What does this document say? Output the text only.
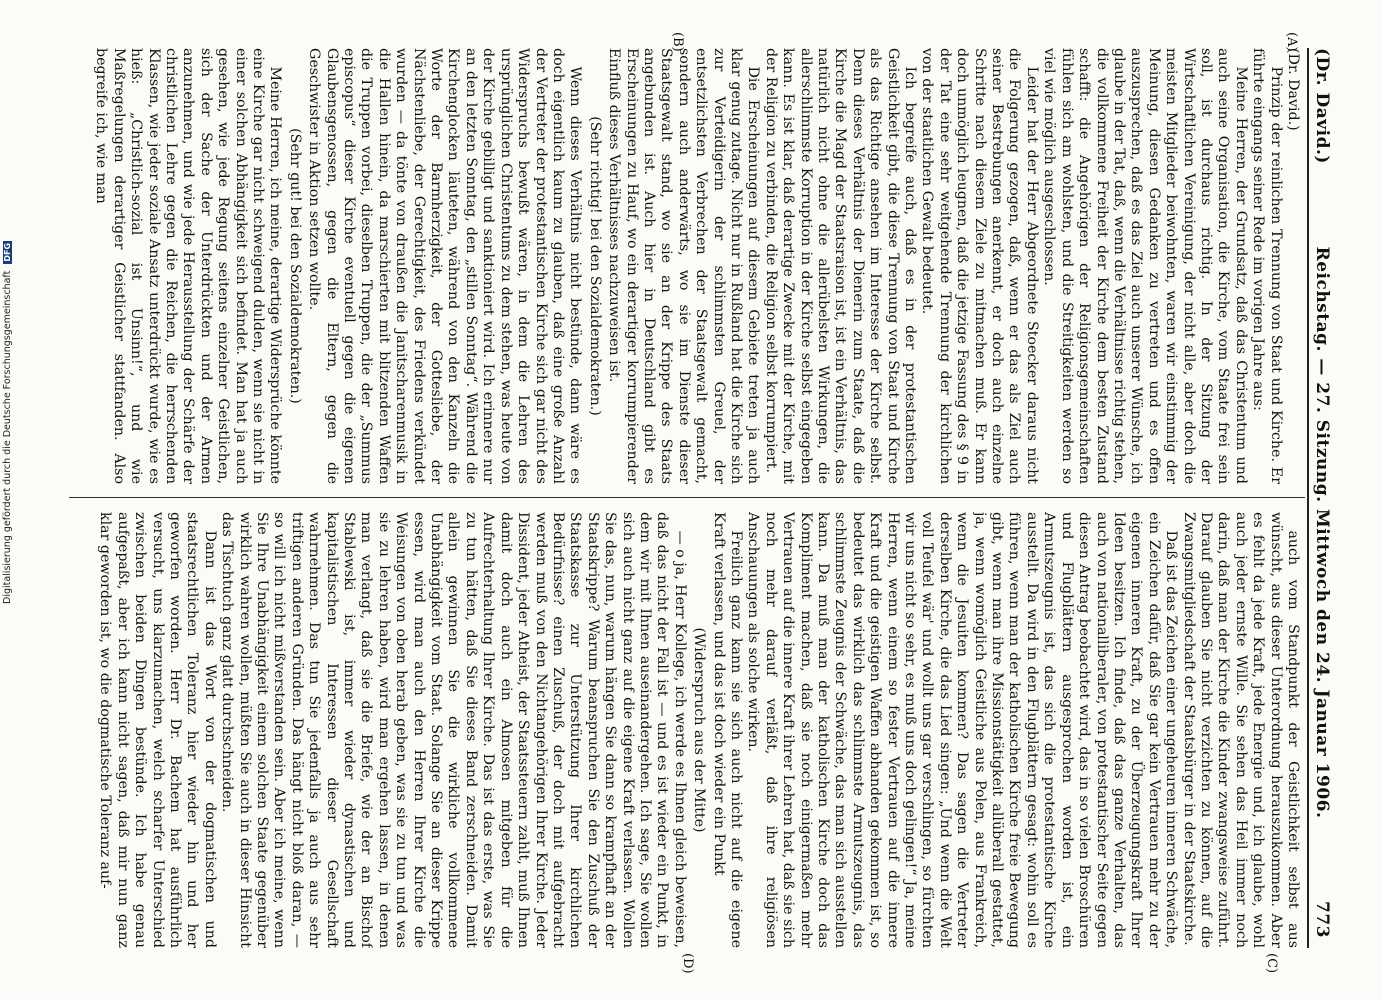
(Dr. David.)
Reichstag. — 27. Sitzung. Mittwoch den 24. Januar 1906.
773
(A)
(B)
(C)
(D)

(Dr. David.)

Prinzip der reinlichen Trennung von Staat und Kirche. Er führte eingangs seiner Rede im vorigen Jahre aus:

Meine Herren, der Grundsatz, daß das Christentum und auch seine Organisation, die Kirche, vom Staate frei sein soll, ist durchaus richtig. In der Sitzung der Wirtschaftlichen Vereinigung, der nicht alle, aber doch die meisten Mitglieder beiwohnten, waren wir einstimmig der Meinung, diesen Gedanken zu vertreten und es offen auszusprechen, daß es das Ziel auch unserer Wünsche, ich glaube in der Tat, daß, wenn die Verhältnisse richtig stehen, die vollkommene Freiheit der Kirche dem besten Zustand schafft: die Angehörigen der Religionsgemeinschaften fühlen sich am wohlsten, und die Streitigkeiten werden so viel wie möglich ausgeschlossen.

Leider hat der Herr Abgeordnete Stoecker daraus nicht die Folgerung gezogen, daß, wenn er das als Ziel auch seiner Bestrebungen anerkennt, er doch auch einzelne Schritte nach diesem Ziele zu mitmachen muß. Er kann doch unmöglich leugnen, daß die jetzige Fassung des § 9 in der Tat eine sehr weitgehende Trennung der kirchlichen von der staatlichen Gewalt bedeutet.

Ich begreife auch, daß es in der protestantischen Geistlichkeit gibt, die diese Trennung von Staat und Kirche als das Richtige ansehen im Interesse der Kirche selbst. Denn dieses Verhältnis der Dienerin zum Staate, daß die Kirche die Magd der Staatsraison ist, ist ein Verhältnis, das natürlich nicht ohne die allerübelsten Wirkungen, die allerschlimmste Korruption in der Kirche selbst eingegeben kann. Es ist klar, daß derartige Zwecke mit der Kirche, mit der Religion zu verbinden, die Religion selbst korrumpiert.

Die Erscheinungen auf diesem Gebiete treten ja auch klar genug zutage. Nicht nur in Rußland hat die Kirche sich zur Verteidigerin der schlimmsten Greuel, der entsetzlichsten Verbrechen der Staatsgewalt gemacht, sondern auch anderwärts, wo sie im Dienste dieser Staatsgewalt stand, wo sie an der Krippe des Staats angebunden ist. Auch hier in Deutschland gibt es Erscheinungen zu Hauf, wo ein derartiger korrumpierender Einfluß dieses Verhältnisses nachzuweisen ist.

(Sehr richtig! bei den Sozialdemokraten.)

Wenn dieses Verhältnis nicht bestünde, dann wäre es doch eigentlich kaum zu glauben, daß eine große Anzahl der Vertreter der protestantischen Kirche sich gar nicht des Widerspruchs bewußt wären, in dem die Lehren des ursprünglichen Christentums zu dem stehen, was heute von der Kirche gebilligt und sanktioniert wird. Ich erinnere nur an den letzten Sonntag, den „stillen Sonntag“. Während die Kirchenglocken läuteten, während von den Kanzeln die Worte der Barmherzigkeit, der Gottesliebe, der Nächstenliebe, der Gerechtigkeit, des Friedens verkündet wurden — da tönte von draußen die Janitscharenmusik in die Hallen hinein, da marschierten mit blitzenden Waffen die Truppen vorbei, dieselben Truppen, die der „Summus episcopus“ dieser Kirche eventuell gegen die eigenen Glaubensgenossen, gegen die Eltern, gegen die Geschwister in Aktion setzen wollte.

(Sehr gut! bei den Sozialdemokraten.)

Meine Herren, ich meine, derartige Widersprüche könnte eine Kirche gar nicht schweigend dulden, wenn sie nicht in einer solchen Abhängigkeit sich befindet. Man hat ja auch gesehen, wie jede Regung seitens einzelner Geistlichen, sich der Sache der Unterdrückten und der Armen anzunehmen, und wie jede Herausstellung der Schärfe der christlichen Lehre gegen die Reichen, die herrschenden Klassen, wie jeder soziale Ansatz unterdrückt wurde, wie es hieß: „Christlich-sozial ist Unsinn!“, und wie Maßregelungen derartiger Geistlicher stattfanden. Also begreife ich, wie man

auch vom Standpunkt der Geistlichkeit selbst aus wünscht, aus dieser Unterordnung herauszukommen. Aber es fehlt da jede Kraft, jede Energie und, ich glaube, wohl auch jeder ernste Wille. Sie sehen das Heil immer noch darin, daß man der Kirche die Kinder zwangsweise zuführt. Darauf glauben Sie nicht verzichten zu können, auf die Zwangsmitgliedschaft der Staatsbürger in der Staatskirche.

Daß ist das Zeichen einer ungeheuren inneren Schwäche, ein Zeichen dafür, daß Sie gar kein Vertrauen mehr zu der eigenen inneren Kraft, zu der Überzeugungskraft Ihrer Ideen besitzen. Ich finde, daß das ganze Verhalten, das auch von nationalliberaler, von protestantischer Seite gegen diesen Antrag beobachtet wird, das in so vielen Broschüren und Flugblättern ausgesprochen worden ist, ein Armutszeugnis ist, das sich die protestantische Kirche ausstellt. Da wird in den Flugblättern gesagt: wohin soll es führen, wenn man der katholischen Kirche freie Bewegung gibt, wenn man ihre Missionstätigkeit allüberall gestattet, ja, wenn womöglich Geistliche aus Polen, aus Frankreich, wenn die Jesuiten kommen? Das sagen die Vertreter derselben Kirche, die das Lied singen: „Und wenn die Welt voll Teufel wär' und wollt uns gar verschlingen, so fürchten wir uns nicht so sehr, es muß uns doch gelingen!“ Ja, meine Herren, wenn einem so fester Vertrauen auf die innere Kraft und die geistigen Waffen abhanden gekommen ist, so bedeutet das wirklich das schlimmste Armutszeugnis, das schlimmste Zeugnis der Schwäche, das man sich ausstellen kann. Da muß man der katholischen Kirche doch das Kompliment machen, daß sie noch einigermaßen mehr Vertrauen auf die innere Kraft ihrer Lehren hat, daß sie sich noch mehr darauf verläßt, daß ihre religiösen Anschauungen als solche wirken.

Freilich ganz kann sie sich auch nicht auf die eigene Kraft verlassen, und das ist doch wieder ein Punkt

(Widerspruch aus der Mitte)

— o ja, Herr Kollege, ich werde es Ihnen gleich beweisen, daß das nicht der Fall ist — und es ist wieder ein Punkt, in dem wir mit Ihnen auseinandergehen. Ich sage, Sie wollen sich auch nicht ganz auf die eigene Kraft verlassen. Wollen Sie das, nun, warum hängen Sie dann so krampfhaft an der Staatskrippe? Warum beanspruchen Sie den Zuschuß der Staatskasse zur Unterstützung Ihrer kirchlichen Bedürfnisse? einen Zuschuß, der doch mit aufgebracht werden muß von den Nichtangehörigen Ihrer Kirche. Jeder Dissident, jeder Atheist, der Staatssteuern zahlt, muß Ihnen damit doch auch ein Almosen mitgeben für die Aufrechterhaltung Ihrer Kirche. Das ist das erste, was Sie zu tun hätten, daß Sie dieses Band zerschneiden. Damit allein gewinnen Sie die wirkliche vollkommene Unabhängigkeit vom Staat. Solange Sie an dieser Krippe essen, wird man auch den Herren Ihrer Kirche die Weisungen von oben herab geben, was sie zu tun und was sie zu lehren haben, wird man ergehen lassen, in denen man verlangt, daß sie die Briefe, wie der an Bischof Stablewski ist, immer wieder dynastischen und kapitalistischen Interessen dieser Gesellschaft wahrnehmen. Das tun Sie jedenfalls ja auch aus sehr triftigen anderen Gründen. Das hängt nicht bloß daran, — so will ich nicht mißverstanden sein. Aber ich meine, wenn Sie Ihre Unabhängigkeit einem solchen Staate gegenüber wirklich wahren wollen, müßten Sie auch in dieser Hinsicht das Tischtuch ganz glatt durchschneiden.

Dann ist das Wort von der dogmatischen und staatsrechtlichen Toleranz hier wieder hin und her geworfen worden. Herr Dr. Bachem hat ausführlich versucht, uns klarzumachen, welch scharfer Unterschied zwischen beiden Dingen bestünde. Ich habe genau aufgepaßt, aber ich kann nicht sagen, daß mir nun ganz klar geworden ist, wo die dogmatische Toleranz auf-

Digitalisierung gefördert durch die Deutsche Forschungsgemeinschaft DFG
